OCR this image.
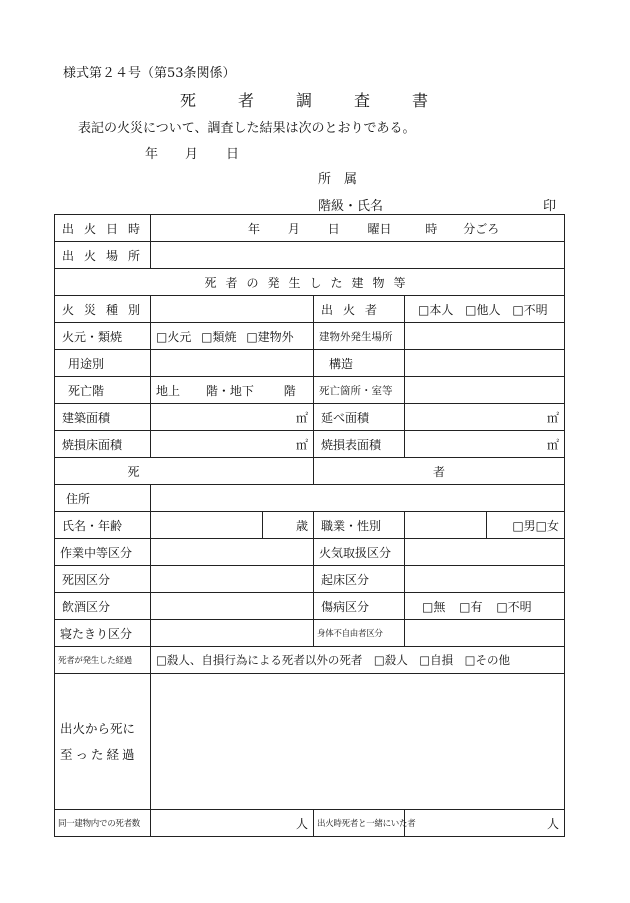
様式第２４号（第53条関係）
死者調査書
表記の火災について、調査した結果は次のとおりである。
年 月 日
所　属
階級・氏名	印
出火日時	年 月 日 曜日 時 分ごろ				

出火場所					

死者の発生した建物等					

火災種別			出火者	□本人 □他人 □不明	

火元・類焼	□火元 □類焼 □建物外		建物外発生場所		

用途別			構造		

死亡階	地上 階・地下 階		死亡箇所・室等		

建築面積	㎡		延べ面積	㎡	

焼損床面積	㎡		焼損表面積	㎡	
死			者		

住所					

氏名・年齢		歳	職業・性別		□男□女
作業中等区分			火気取扱区分		

死因区分			起床区分		

飲酒区分			傷病区分	□無 □有 □不明	
寝たきり区分			身体不自由者区分		
死者が発生した経過	□殺人、自損行為による死者以外の死者　□殺人　□自損　□その他				

出火から死に
至った経過					

同一建物内での死者数	人		出火時死者と一緒にいた者	人	
